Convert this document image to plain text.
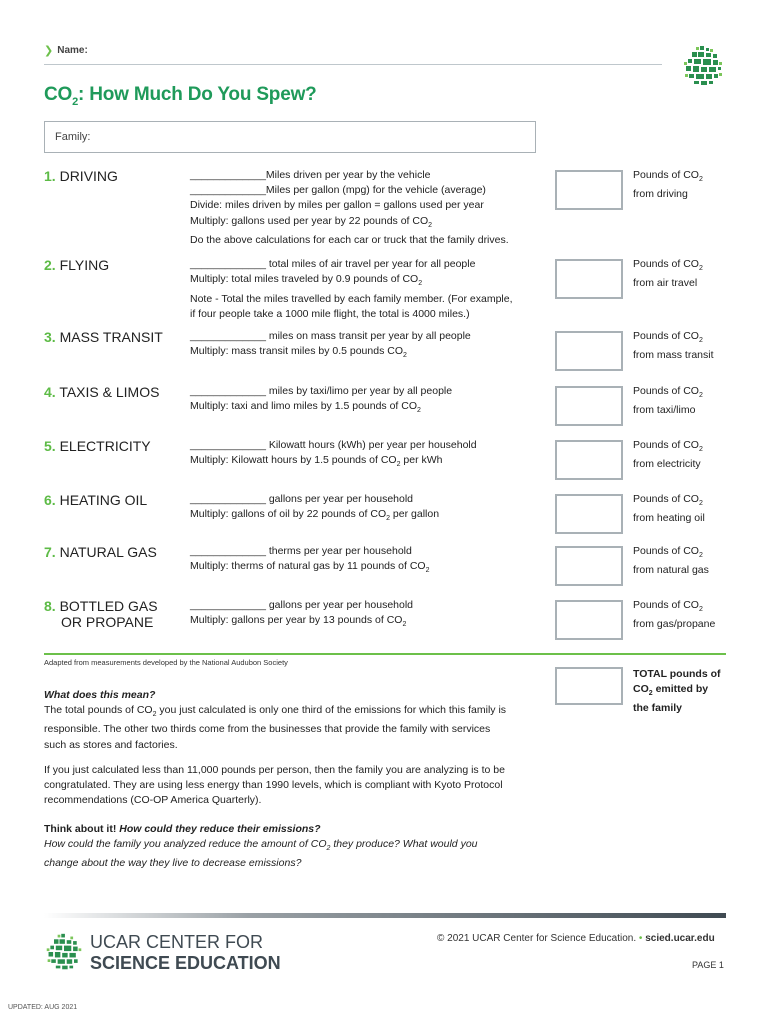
❯ Name:
$CO_2$: How Much Do You Spew?
Family:
1. DRIVING	_____________Miles driven per year by the vehicle
_____________Miles per gallon (mpg) for the vehicle (average)
Divide: miles driven by miles per gallon = gallons used per year
Multiply: gallons used per year by 22 pounds of $CO_2$
Do the above calculations for each car or truck that the family drives.
Pounds of $CO_2$
from driving
2. FLYING	_____________ total miles of air travel per year for all people
Multiply: total miles traveled by 0.9 pounds of $CO_2$
Note - Total the miles travelled by each family member. (For example,
if four people take a 1000 mile flight, the total is 4000 miles.)
Pounds of $CO_2$
from air travel
3. MASS TRANSIT	_____________ miles on mass transit per year by all people
Multiply: mass transit miles by 0.5 pounds $CO_2$
Pounds of $CO_2$
from mass transit
4. TAXIS & LIMOS	_____________ miles by taxi/limo per year by all people
Multiply: taxi and limo miles by 1.5 pounds of $CO_2$
Pounds of $CO_2$
from taxi/limo
5. ELECTRICITY	_____________ Kilowatt hours (kWh) per year per household
Multiply: Kilowatt hours by 1.5 pounds of $CO_2$ per kWh
Pounds of $CO_2$
from electricity
6. HEATING OIL	_____________ gallons per year per household
Multiply: gallons of oil by 22 pounds of $CO_2$ per gallon
Pounds of $CO_2$
from heating oil
7. NATURAL GAS	_____________ therms per year per household
Multiply: therms of natural gas by 11 pounds of $CO_2$
Pounds of $CO_2$
from natural gas
8. BOTTLED GAS
OR PROPANE
_____________ gallons per year per household
Multiply: gallons per year by 13 pounds of $CO_2$
Pounds of $CO_2$
from gas/propane
Adapted from measurements developed by the National Audubon Society
TOTAL pounds of
$CO_2$ emitted by
the family
What does this mean?
The total pounds of $CO_2$ you just calculated is only one third of the emissions for which this family is responsible. The other two thirds come from the businesses that provide the family with services such as stores and factories.
If you just calculated less than 11,000 pounds per person, then the family you are analyzing is to be congratulated. They are using less energy than 1990 levels, which is compliant with Kyoto Protocol recommendations (CO-OP America Quarterly).
Think about it! How could they reduce their emissions?
How could the family you analyzed reduce the amount of $CO_2$ they produce? What would you change about the way they live to decrease emissions?
UCAR CENTER FOR
SCIENCE EDUCATION
© 2021 UCAR Center for Science Education. • scied.ucar.edu
PAGE 1
UPDATED: AUG 2021
